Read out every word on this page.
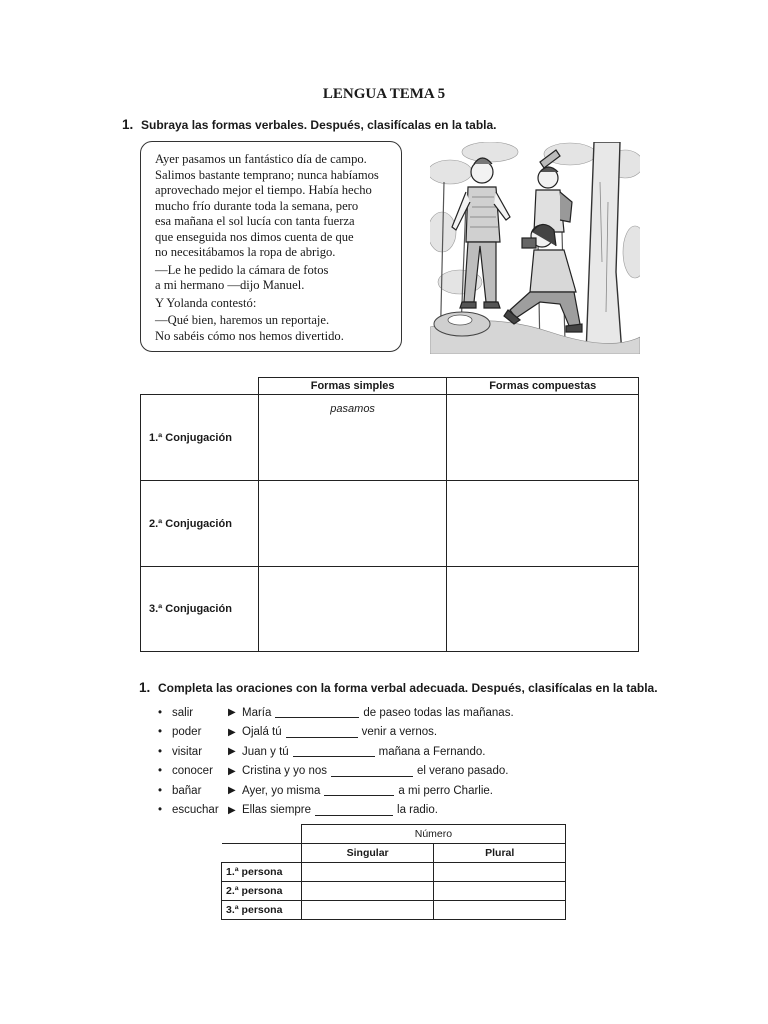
LENGUA TEMA 5
1. Subraya las formas verbales. Después, clasifícalas en la tabla.
Ayer pasamos un fantástico día de campo.
Salimos bastante temprano; nunca habíamos
aprovechado mejor el tiempo. Había hecho
mucho frío durante toda la semana, pero
esa mañana el sol lucía con tanta fuerza
que enseguida nos dimos cuenta de que
no necesitábamos la ropa de abrigo.
—Le he pedido la cámara de fotos
a mi hermano —dijo Manuel.
Y Yolanda contestó:
—Qué bien, haremos un reportaje.
No sabéis cómo nos hemos divertido.
	Formas simples	Formas compuestas
1.ª Conjugación	pasamos	
2.ª Conjugación		
3.ª Conjugación		
1. Completa las oraciones con la forma verbal adecuada. Después, clasifícalas en la tabla.
• salir	▶ María	de paseo todas las mañanas.
• poder	▶ Ojalá tú	venir a vernos.
• visitar	▶ Juan y tú	mañana a Fernando.
• conocer	▶ Cristina y yo nos	el verano pasado.
• bañar	▶ Ayer, yo misma	a mi perro Charlie.
• escuchar ▶ Ellas siempre	la radio.
	Número	
	Singular	Plural
1.ª persona		
2.ª persona		
3.ª persona		
